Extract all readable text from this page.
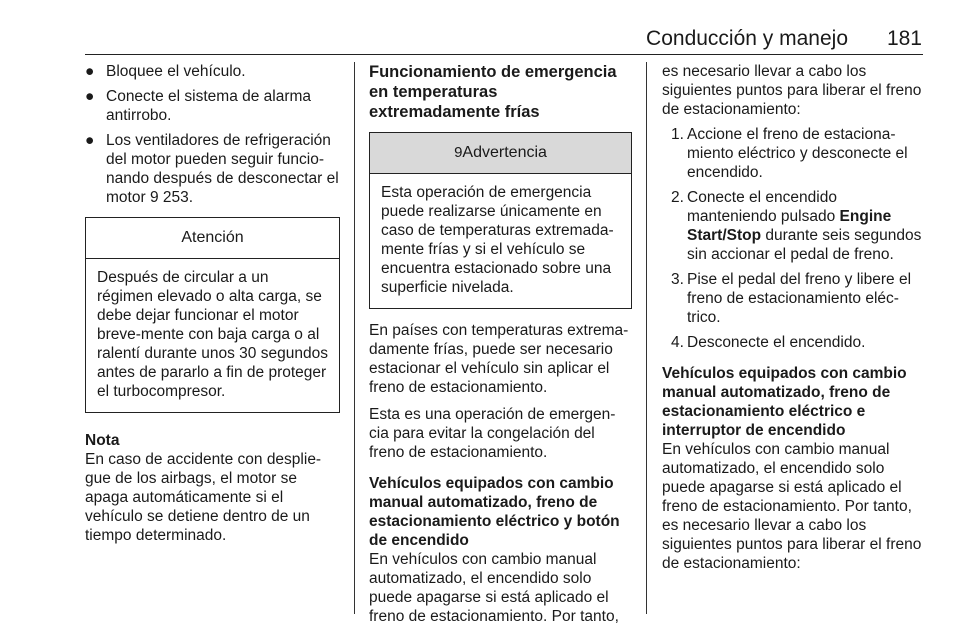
Conducción y manejo 181
● Bloquee el vehículo.
● Conecte el sistema de alarma antirrobo.
● Los ventiladores de refrigeración del motor pueden seguir funcio-nando después de desconectar el motor 9 253.
Atención
Después de circular a un régimen elevado o alta carga, se debe dejar funcionar el motor breve-mente con baja carga o al ralentí durante unos 30 segundos antes de pararlo a fin de proteger el turbocompresor.
Nota
En caso de accidente con desplie-gue de los airbags, el motor se apaga automáticamente si el vehículo se detiene dentro de un tiempo determinado.
Funcionamiento de emergencia en temperaturas extremadamente frías
9Advertencia
Esta operación de emergencia puede realizarse únicamente en caso de temperaturas extremada-mente frías y si el vehículo se encuentra estacionado sobre una superficie nivelada.

En países con temperaturas extrema-damente frías, puede ser necesario estacionar el vehículo sin aplicar el freno de estacionamiento.

Esta es una operación de emergen-cia para evitar la congelación del freno de estacionamiento.

Vehículos equipados con cambio manual automatizado, freno de estacionamiento eléctrico y botón de encendido

En vehículos con cambio manual automatizado, el encendido solo puede apagarse si está aplicado el freno de estacionamiento. Por tanto,

es necesario llevar a cabo los siguientes puntos para liberar el freno de estacionamiento:

1. Accione el freno de estaciona-miento eléctrico y desconecte el encendido.
2. Conecte el encendido manteniendo pulsado Engine Start/Stop durante seis segundos sin accionar el pedal de freno.
3. Pise el pedal del freno y libere el freno de estacionamiento eléc-trico.
4. Desconecte el encendido.

Vehículos equipados con cambio manual automatizado, freno de estacionamiento eléctrico e interruptor de encendido

En vehículos con cambio manual automatizado, el encendido solo puede apagarse si está aplicado el freno de estacionamiento. Por tanto, es necesario llevar a cabo los siguientes puntos para liberar el freno de estacionamiento:
